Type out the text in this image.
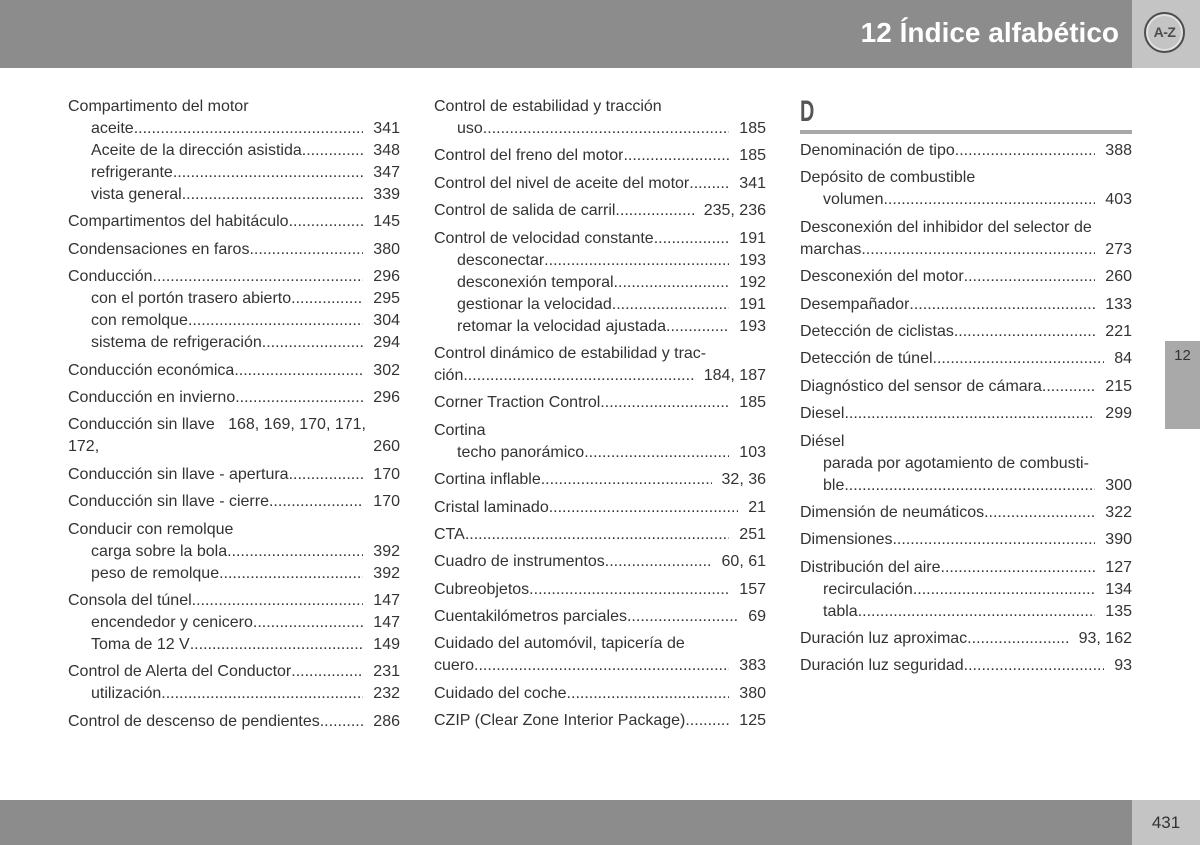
12 Índice alfabético	A-Z
Compartimento del motor
aceite .....	341
Aceite de la dirección asistida .....	348
refrigerante .....	347
vista general .....	339
Compartimentos del habitáculo .....	145
Condensaciones en faros .....	380
Conducción .....	296
con el portón trasero abierto .....	295
con remolque .....	304
sistema de refrigeración .....	294
Conducción económica .....	302
Conducción en invierno .....	296
Conducción sin llave   168, 169, 170, 171,
172,	260
Conducción sin llave - apertura .....	170
Conducción sin llave - cierre .....	170
Conducir con remolque
carga sobre la bola .....	392
peso de remolque .....	392
Consola del túnel .....	147
encendedor y cenicero .....	147
Toma de 12 V .....	149
Control de Alerta del Conductor .....	231
utilización .....	232
Control de descenso de pendientes .....	286
Control de estabilidad y tracción
uso .....	185
Control del freno del motor .....	185
Control del nivel de aceite del motor .....	341
Control de salida de carril .....	235, 236
Control de velocidad constante .....	191
desconectar .....	193
desconexión temporal .....	192
gestionar la velocidad .....	191
retomar la velocidad ajustada .....	193
Control dinámico de estabilidad y trac-
ción .....	184, 187
Corner Traction Control .....	185
Cortina
techo panorámico .....	103
Cortina inflable .....	32, 36
Cristal laminado .....	21
CTA .....	251
Cuadro de instrumentos .....	60, 61
Cubreobjetos .....	157
Cuentakilómetros parciales .....	69
Cuidado del automóvil, tapicería de
cuero .....	383
Cuidado del coche .....	380
CZIP (Clear Zone Interior Package) .....	125
D
Denominación de tipo .....	388
Depósito de combustible
volumen .....	403
Desconexión del inhibidor del selector de
marchas .....	273
Desconexión del motor .....	260
Desempañador .....	133
Detección de ciclistas .....	221
Detección de túnel .....	84
Diagnóstico del sensor de cámara .....	215
Diesel .....	299
Diésel
parada por agotamiento de combusti-
ble .....	300
Dimensión de neumáticos .....	322
Dimensiones .....	390
Distribución del aire .....	127
recirculación .....	134
tabla .....	135
Duración luz aproximac. .....	93, 162
Duración luz seguridad .....	93
12
431
